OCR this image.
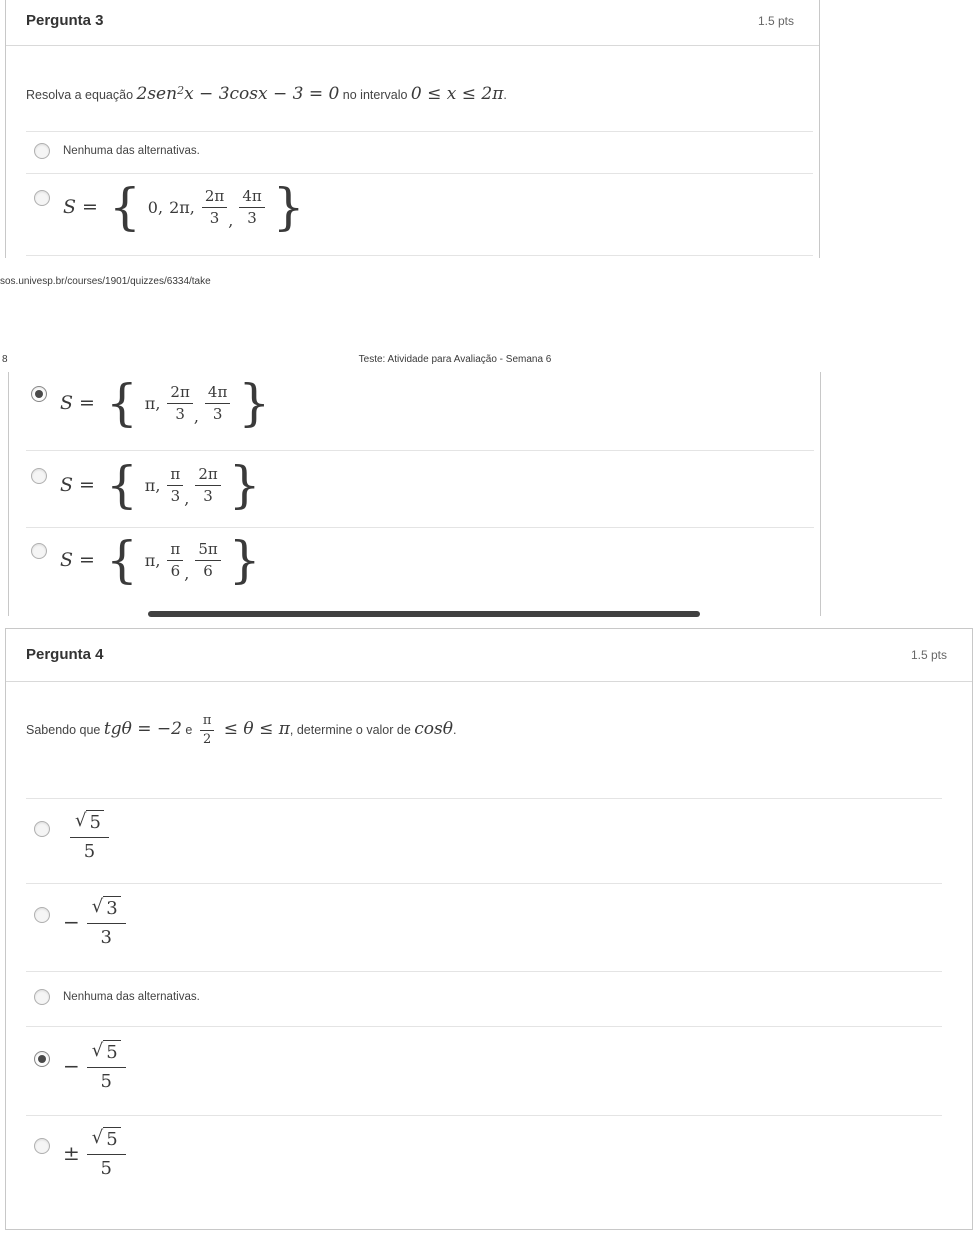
Pergunta 3	1.5 pts
Resolva a equação 2sen$^2$x − 3cosx − 3 = 0 no intervalo 0 ≤ x ≤ 2π.
Nenhuma das alternativas.
S = { 0, 2π, $\frac{2\pi}{3}$ , $\frac{4\pi}{3}$ }
sos.univesp.br/courses/1901/quizzes/6334/take
8	Teste: Atividade para Avaliação - Semana 6
S = { π, $\frac{2\pi}{3}$ , $\frac{4\pi}{3}$ }
S = { π, $\frac{\pi}{3}$ , $\frac{2\pi}{3}$ }
S = { π, $\frac{\pi}{6}$ , $\frac{5\pi}{6}$ }
Pergunta 4	1.5 pts
Sabendo que tgθ = −2 e $\frac{\pi}{2} \le \theta \le \pi$, determine o valor de cosθ.
$\frac{√ 5}{5}$
− $\frac{√ 3}{3}$
Nenhuma das alternativas.
− $\frac{√ 5}{5}$
± $\frac{√ 5}{5}$
